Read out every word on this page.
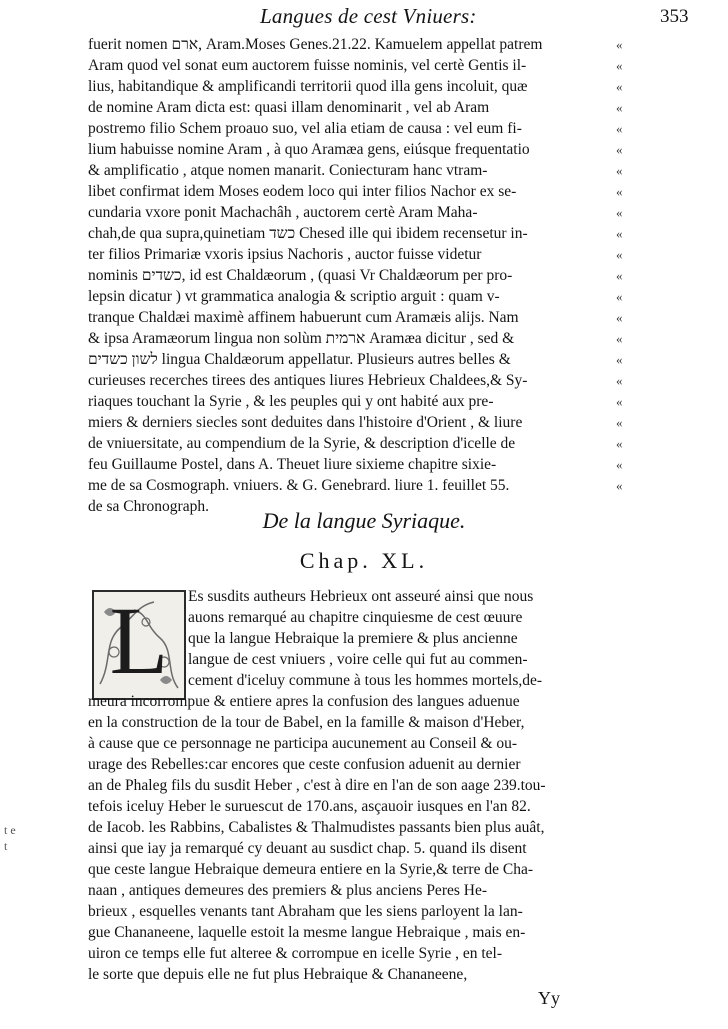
Langues de cest Vniuers:	353
fuerit nomen ארם, Aram.Moses Genes.21.22. Kamuelem appellat patrem
Aram quod vel sonat eum auctorem fuisse nominis, vel certè Gentis il-
lius, habitandique & amplificandi territorii quod illa gens incoluit, quæ
de nomine Aram dicta est: quasi illam denominarit , vel ab Aram
postremo filio Schem proauo suo, vel alia etiam de causa : vel eum fi-
lium habuisse nomine Aram , à quo Aramæa gens, eiúsque frequentatio
& amplificatio , atque nomen manarit. Coniecturam hanc vtram-
libet confirmat idem Moses eodem loco qui inter filios Nachor ex se-
cundaria vxore ponit Machachâh , auctorem certè Aram Maha-
chah,de qua supra,quinetiam כשד Chesed ille qui ibidem recensetur in-
ter filios Primariæ vxoris ipsius Nachoris , auctor fuisse videtur
nominis כשדים, id est Chaldæorum , (quasi Vr Chaldæorum per pro-
lepsin dicatur ) vt grammatica analogia & scriptio arguit : quam v-
tranque Chaldæi maximè affinem habuerunt cum Aramæis alijs. Nam
& ipsa Aramæorum lingua non solùm ארמית Aramæa dicitur , sed &
לשון כשדים lingua Chaldæorum appellatur. Plusieurs autres belles &
curieuses recerches tirees des antiques liures Hebrieux Chaldees,& Sy-
riaques touchant la Syrie , & les peuples qui y ont habité aux pre-
miers & derniers siecles sont deduites dans l'histoire d'Orient , & liure
de vniuersitate, au compendium de la Syrie, & description d'icelle de
feu Guillaume Postel, dans A. Theuet liure sixieme chapitre sixie-
me de sa Cosmograph. vniuers. & G. Genebrard. liure 1. feuillet 55.
de sa Chronograph.
«
«
«
«
«
«
«
«
«
«
«
«
«
«
«
«
«
«
«
«
«
«
De la langue Syriaque.
Chap. XL.
L	Es susdits autheurs Hebrieux ont asseuré ainsi que nous
auons remarqué au chapitre cinquiesme de cest œuure
que la langue Hebraique la premiere & plus ancienne
langue de cest vniuers , voire celle qui fut au commen-
cement d'iceluy commune à tous les hommes mortels,de-
meura incorrompue & entiere apres la confusion des langues aduenue
en la construction de la tour de Babel, en la famille & maison d'Heber,
à cause que ce personnage ne participa aucunement au Conseil & ou-
urage des Rebelles:car encores que ceste confusion aduenit au dernier
an de Phaleg fils du susdit Heber , c'est à dire en l'an de son aage 239.tou-
tefois iceluy Heber le suruescut de 170.ans, asçauoir iusques en l'an 82.
de Iacob. les Rabbins, Cabalistes & Thalmudistes passants bien plus auât,
ainsi que iay ja remarqué cy deuant au susdict chap. 5. quand ils disent
que ceste langue Hebraique demeura entiere en la Syrie,& terre de Cha-
naan , antiques demeures des premiers & plus anciens Peres He-
brieux , esquelles venants tant Abraham que les siens parloyent la lan-
gue Chananeene, laquelle estoit la mesme langue Hebraique , mais en-
uiron ce temps elle fut alteree & corrompue en icelle Syrie , en tel-
le sorte que depuis elle ne fut plus Hebraique & Chananeene,
Yy
t e t
